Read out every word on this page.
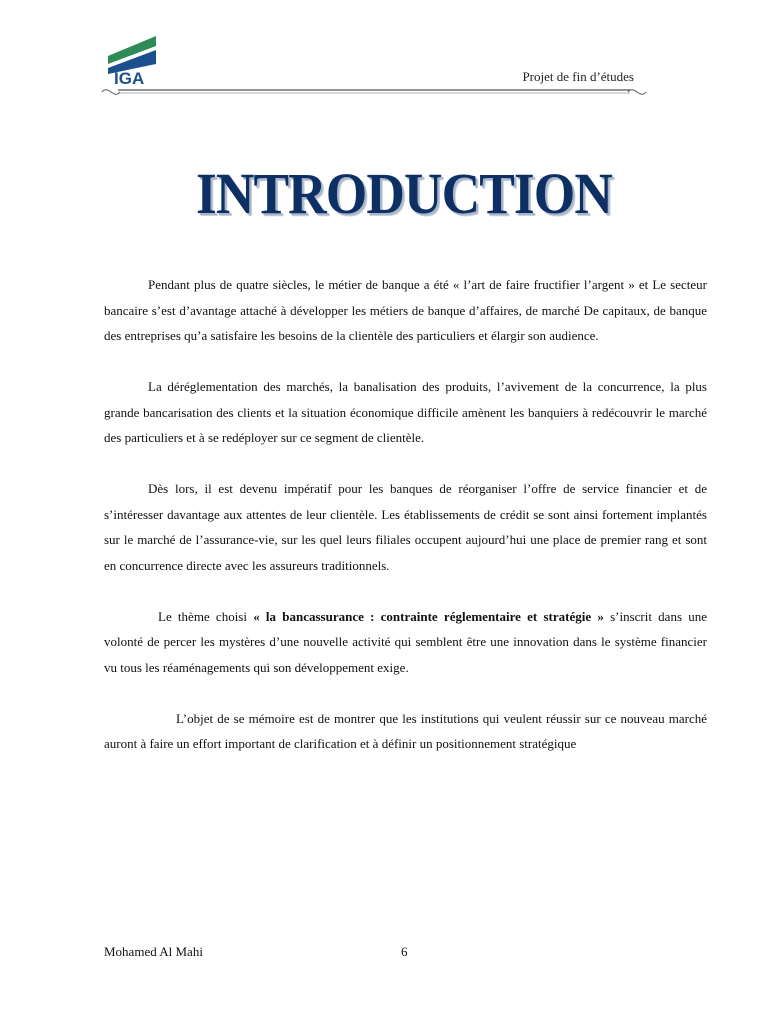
IGA	Projet de fin d’études
INTRODUCTION

Pendant plus de quatre siècles, le métier de banque a été « l’art de faire fructifier l’argent » et Le secteur bancaire s’est d’avantage attaché à développer les métiers de banque d’affaires, de marché De capitaux, de banque des entreprises qu’a satisfaire les besoins de la clientèle des particuliers et élargir son audience.

La déréglementation des marchés, la banalisation des produits, l’avivement de la concurrence, la plus grande bancarisation des clients et la situation économique difficile amènent les banquiers à redécouvrir le marché des particuliers et à se redéployer sur ce segment de clientèle.

Dès lors, il est devenu impératif pour les banques de réorganiser l’offre de service financier et de s’intéresser davantage aux attentes de leur clientèle. Les établissements de crédit se sont ainsi fortement implantés sur le marché de l’assurance-vie, sur les quel leurs filiales occupent aujourd’hui une place de premier rang et sont en concurrence directe avec les assureurs traditionnels.

Le thème choisi « la bancassurance : contrainte réglementaire et stratégie » s’inscrit dans une volonté de percer les mystères d’une nouvelle activité qui semblent être une innovation dans le système financier vu tous les réaménagements qui son développement exige.

L’objet de se mémoire est de montrer que les institutions qui veulent réussir sur ce nouveau marché auront à faire un effort important de clarification et à définir un positionnement stratégique

Mohamed Al Mahi	6
